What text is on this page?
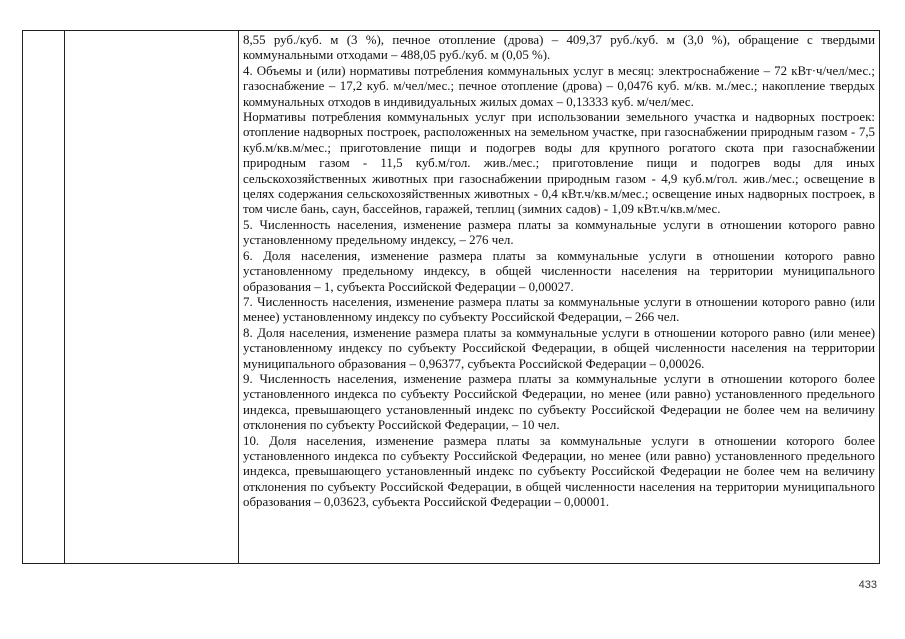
8,55 руб./куб. м (3 %), печное отопление (дрова) – 409,37 руб./куб. м (3,0 %), обращение с твердыми коммунальными отходами – 488,05 руб./куб. м (0,05 %).

4. Объемы и (или) нормативы потребления коммунальных услуг в месяц: электроснабжение – 72 кВт·ч/чел/мес.; газоснабжение – 17,2 куб. м/чел/мес.; печное отопление (дрова) – 0,0476 куб. м/кв. м./мес.; накопление твердых коммунальных отходов в индивидуальных жилых домах – 0,13333 куб. м/чел/мес.

Нормативы потребления коммунальных услуг при использовании земельного участка и надворных построек: отопление надворных построек, расположенных на земельном участке, при газоснабжении природным газом - 7,5 куб.м/кв.м/мес.; приготовление пищи и подогрев воды для крупного рогатого скота при газоснабжении природным газом - 11,5 куб.м/гол. жив./мес.; приготовление пищи и подогрев воды для иных сельскохозяйственных животных при газоснабжении природным газом - 4,9 куб.м/гол. жив./мес.; освещение в целях содержания сельскохозяйственных животных - 0,4 кВт.ч/кв.м/мес.; освещение иных надворных построек, в том числе бань, саун, бассейнов, гаражей, теплиц (зимних садов) - 1,09 кВт.ч/кв.м/мес.

5. Численность населения, изменение размера платы за коммунальные услуги в отношении которого равно установленному предельному индексу, – 276 чел.

6. Доля населения, изменение размера платы за коммунальные услуги в отношении которого равно установленному предельному индексу, в общей численности населения на территории муниципального образования – 1, субъекта Российской Федерации – 0,00027.

7. Численность населения, изменение размера платы за коммунальные услуги в отношении которого равно (или менее) установленному индексу по субъекту Российской Федерации, – 266 чел.

8. Доля населения, изменение размера платы за коммунальные услуги в отношении которого равно (или менее) установленному индексу по субъекту Российской Федерации, в общей численности населения на территории муниципального образования – 0,96377, субъекта Российской Федерации – 0,00026.

9. Численность населения, изменение размера платы за коммунальные услуги в отношении которого более установленного индекса по субъекту Российской Федерации, но менее (или равно) установленного предельного индекса, превышающего установленный индекс по субъекту Российской Федерации не более чем на величину отклонения по субъекту Российской Федерации, – 10 чел.

10. Доля населения, изменение размера платы за коммунальные услуги в отношении которого более установленного индекса по субъекту Российской Федерации, но менее (или равно) установленного предельного индекса, превышающего установленный индекс по субъекту Российской Федерации не более чем на величину отклонения по субъекту Российской Федерации, в общей численности населения на территории муниципального образования – 0,03623, субъекта Российской Федерации – 0,00001.

433
